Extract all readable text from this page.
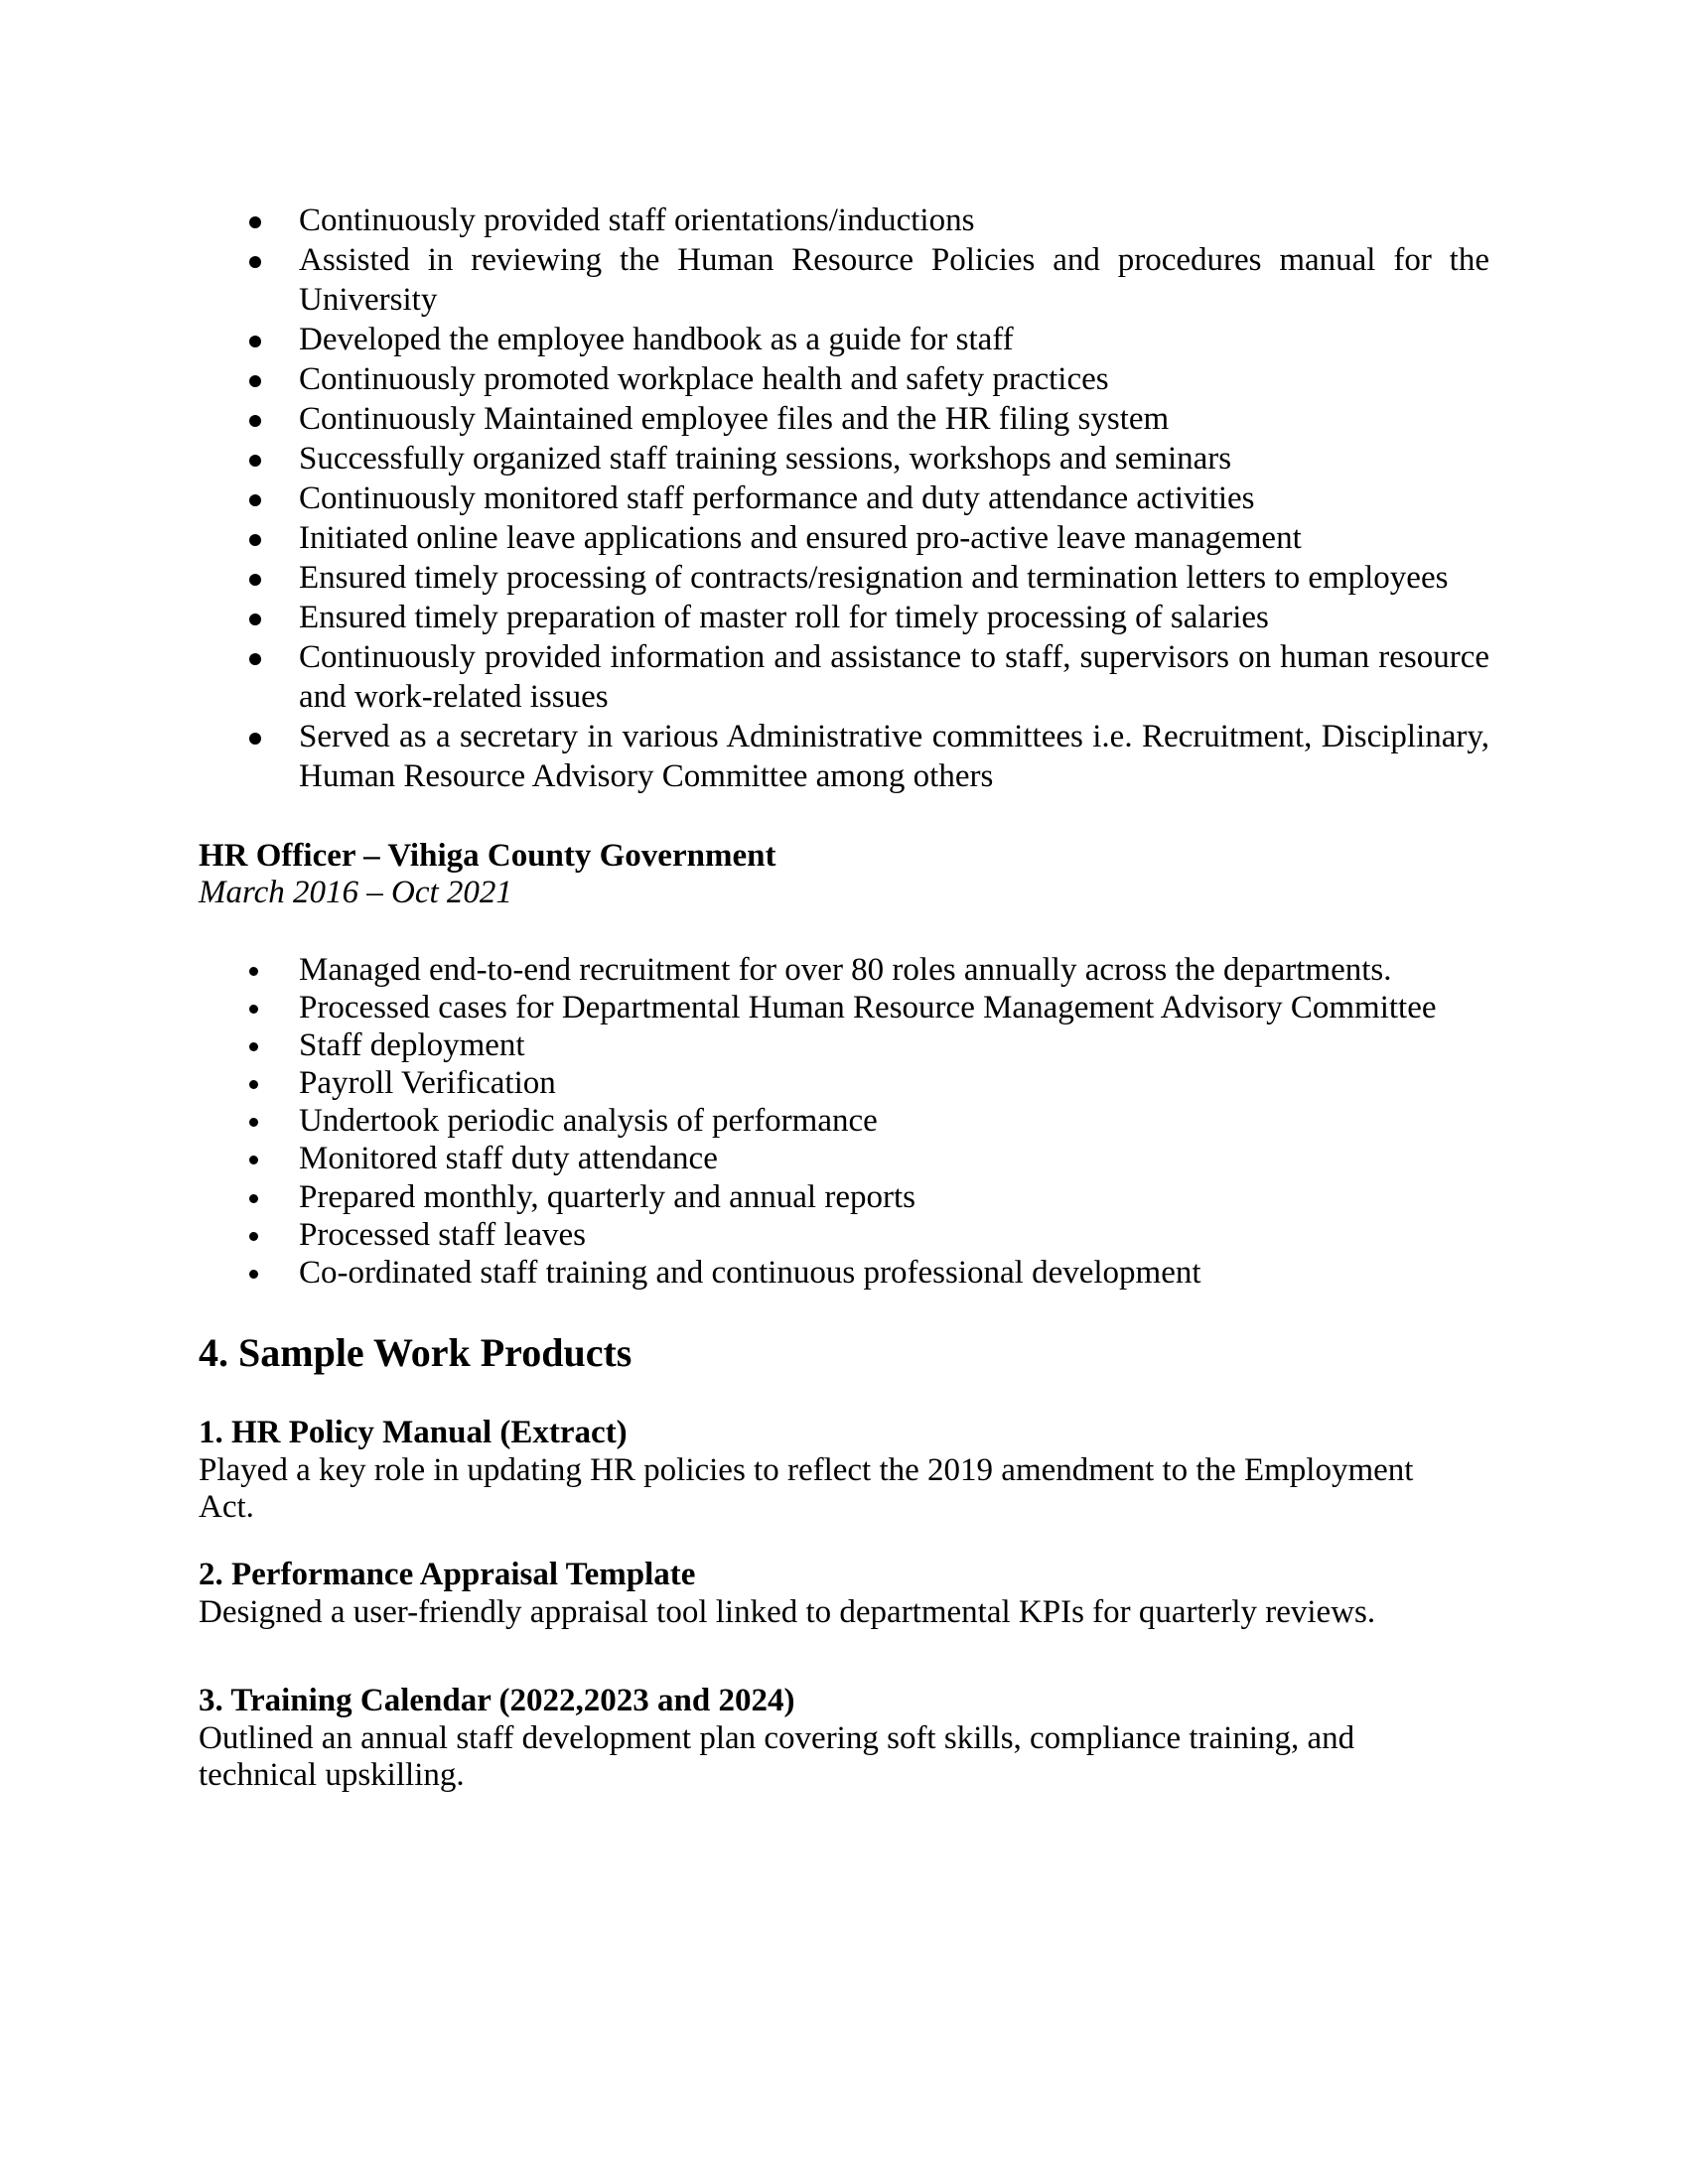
Continuously provided staff orientations/inductions
Assisted in reviewing the Human Resource Policies and procedures manual for the University
Developed the employee handbook as a guide for staff
Continuously promoted workplace health and safety practices
Continuously Maintained employee files and the HR filing system
Successfully organized staff training sessions, workshops and seminars
Continuously monitored staff performance and duty attendance activities
Initiated online leave applications and ensured pro-active leave management
Ensured timely processing of contracts/resignation and termination letters to employees
Ensured timely preparation of master roll for timely processing of salaries
Continuously provided information and assistance to staff, supervisors on human resource and work-related issues
Served as a secretary in various Administrative committees i.e. Recruitment, Disciplinary, Human Resource Advisory Committee among others
HR Officer – Vihiga County Government
March 2016 – Oct 2021
Managed end-to-end recruitment for over 80 roles annually across the departments.
Processed cases for Departmental Human Resource Management Advisory Committee
Staff deployment
Payroll Verification
Undertook periodic analysis of performance
Monitored staff duty attendance
Prepared monthly, quarterly and annual reports
Processed staff leaves
Co-ordinated staff training and continuous professional development
4. Sample Work Products
1. HR Policy Manual (Extract)
Played a key role in updating HR policies to reflect the 2019 amendment to the Employment
Act.
2. Performance Appraisal Template
Designed a user-friendly appraisal tool linked to departmental KPIs for quarterly reviews.
3. Training Calendar (2022,2023 and 2024)
Outlined an annual staff development plan covering soft skills, compliance training, and
technical upskilling.
